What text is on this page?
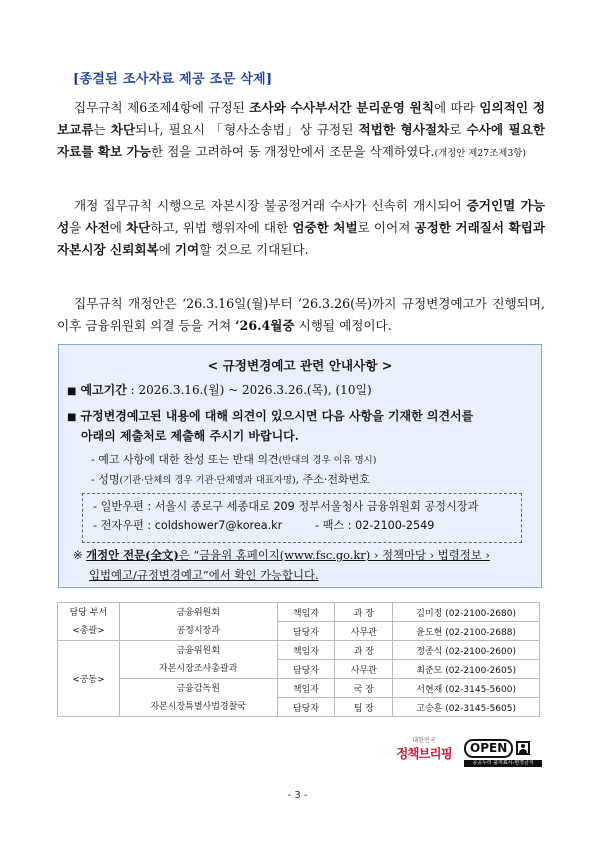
[종결된 조사자료 제공 조문 삭제]
집무규칙 제6조제4항에 규정된 조사와 수사부서간 분리운영 원칙에 따라 임의적인 정보교류는 차단되나, 필요시 「형사소송법」상 규정된 적법한 형사절차로 수사에 필요한 자료를 확보 가능한 점을 고려하여 동 개정안에서 조문을 삭제하였다.(개정안 제27조제3항)
개정 집무규칙 시행으로 자본시장 불공정거래 수사가 신속히 개시되어 증거인멸 가능성을 사전에 차단하고, 위법 행위자에 대한 엄중한 처벌로 이어져 공정한 거래질서 확립과 자본시장 신뢰회복에 기여할 것으로 기대된다.
집무규칙 개정안은 ‘26.3.16일(월)부터 ’26.3.26(목)까지 규정변경예고가 진행되며, 이후 금융위원회 의결 등을 거쳐 ‘26.4월중 시행될 예정이다.
< 규정변경예고 관련 안내사항 >
■ 예고기간 : 2026.3.16.(월) ~ 2026.3.26.(목), (10일)
■ 규정변경예고된 내용에 대해 의견이 있으시면 다음 사항을 기재한 의견서를
아래의 제출처로 제출해 주시기 바랍니다.
- 예고 사항에 대한 찬성 또는 반대 의견(반대의 경우 이유 명시)
- 성명(기관·단체의 경우 기관·단체명과 대표자명), 주소·전화번호
- 일반우편 : 서울시 종로구 세종대로 209 정부서울청사 금융위원회 공정시장과
- 전자우편 : coldshower7@korea.kr	- 팩스 : 02-2100-2549
※ 개정안 전문(全文)은 “금융위 홈페이지(www.fsc.go.kr) › 정책마당 › 법령정보 ›
입법예고/규정변경예고”에서 확인 가능합니다.
담당 부서
<총괄>	금융위원회
공정시장과	책임자	과 장	김미정 (02-2100-2680)
		담당자	사무관	윤도현 (02-2100-2688)
<공동>	금융위원회
자본시장조사총괄과	책임자	과 장	정종식 (02-2100-2600)
		담당자	사무관	최준모 (02-2100-2605)
	금융감독원
자본시장특별사법경찰국	책임자	국 장	서현재 (02-3145-5600)
		담당자	팀 장	고승훈 (02-3145-5605)
대한민국
정책브리핑	OPEN
공공누리 출처표시-변경금지
- 3 -
